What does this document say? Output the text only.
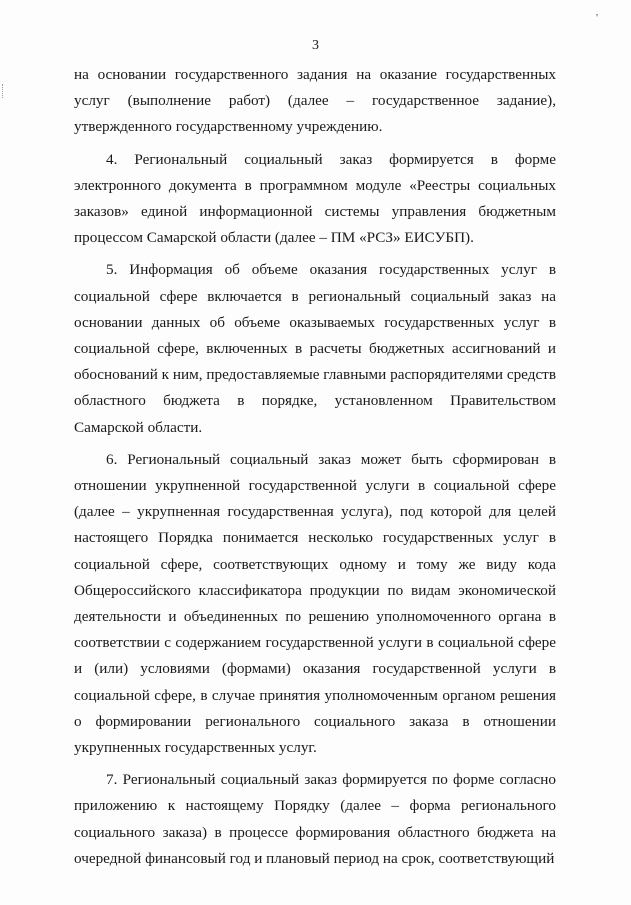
'
3

на основании государственного задания на оказание государственных услуг (выполнение работ) (далее – государственное задание), утвержденного государственному учреждению.

4. Региональный социальный заказ формируется в форме электронного документа в программном модуле «Реестры социальных заказов» единой информационной системы управления бюджетным процессом Самарской области (далее – ПМ «РСЗ» ЕИСУБП).

5. Информация об объеме оказания государственных услуг в социальной сфере включается в региональный социальный заказ на основании данных об объеме оказываемых государственных услуг в социальной сфере, включенных в расчеты бюджетных ассигнований и обоснований к ним, предоставляемые главными распорядителями средств областного бюджета в порядке, установленном Правительством Самарской области.

6. Региональный социальный заказ может быть сформирован в отношении укрупненной государственной услуги в социальной сфере (далее – укрупненная государственная услуга), под которой для целей настоящего Порядка понимается несколько государственных услуг в социальной сфере, соответствующих одному и тому же виду кода Общероссийского классификатора продукции по видам экономической деятельности и объединенных по решению уполномоченного органа в соответствии с содержанием государственной услуги в социальной сфере и (или) условиями (формами) оказания государственной услуги в социальной сфере, в случае принятия уполномоченным органом решения о формировании регионального социального заказа в отношении укрупненных государственных услуг.

7. Региональный социальный заказ формируется по форме согласно приложению к настоящему Порядку (далее – форма регионального социального заказа) в процессе формирования областного бюджета на очередной финансовый год и плановый период на срок, соответствующий
